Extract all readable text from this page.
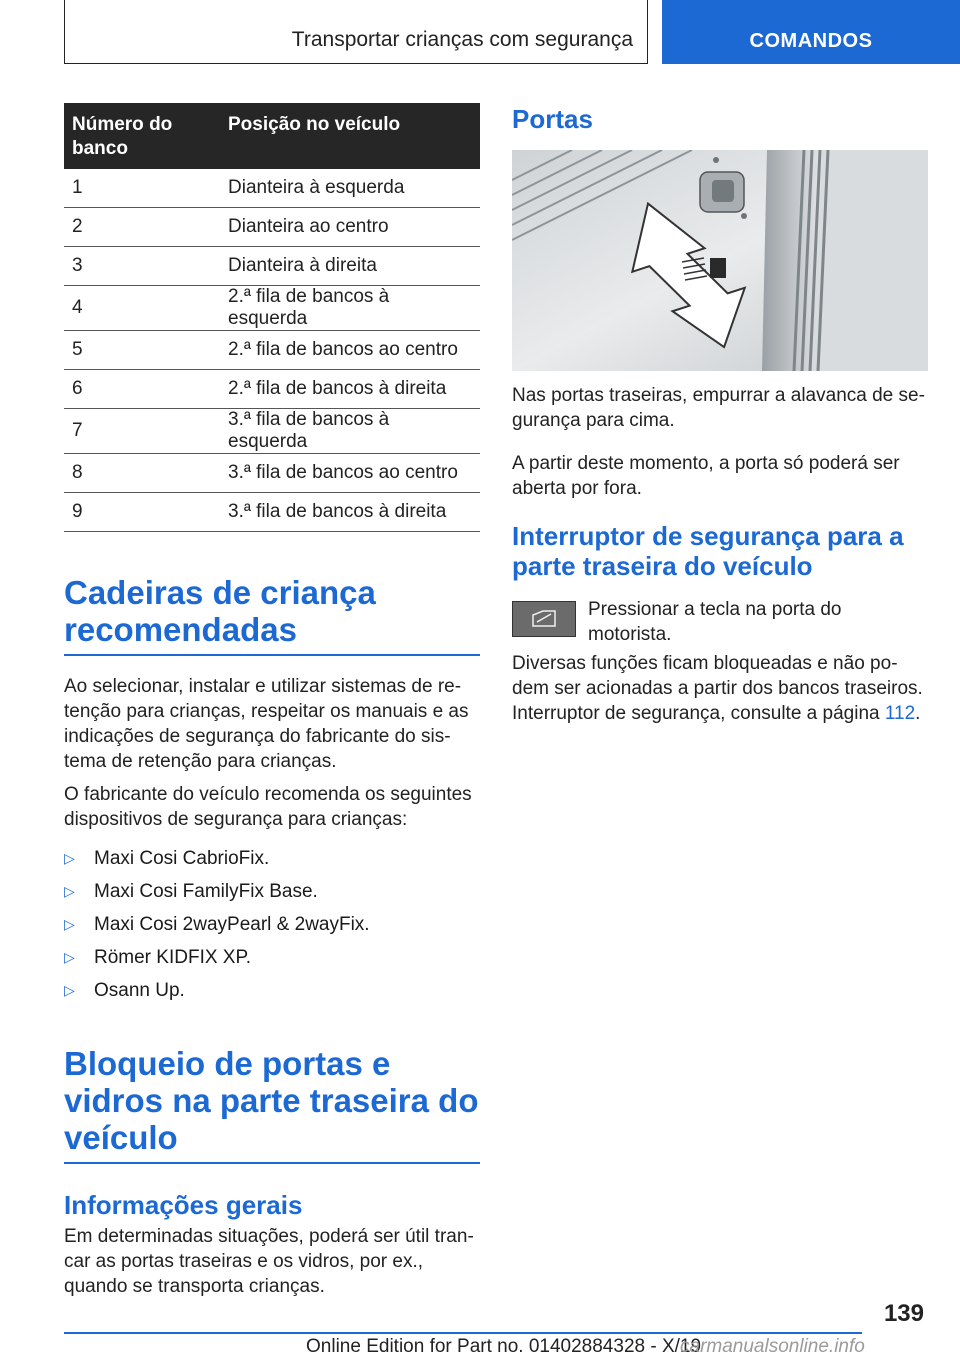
Transportar crianças com segurança	COMANDOS
Número do banco	Posição no veículo
1	Dianteira à esquerda
2	Dianteira ao centro
3	Dianteira à direita
4	2.ª fila de bancos à esquerda
5	2.ª fila de bancos ao centro
6	2.ª fila de bancos à direita
7	3.ª fila de bancos à esquerda
8	3.ª fila de bancos ao centro
9	3.ª fila de bancos à direita
Cadeiras de criança recomendadas

Ao selecionar, instalar e utilizar sistemas de retenção para crianças, respeitar os manuais e as indicações de segurança do fabricante do sistema de retenção para crianças.

O fabricante do veículo recomenda os seguintes dispositivos de segurança para crianças:

▷ Maxi Cosi CabrioFix.
▷ Maxi Cosi FamilyFix Base.
▷ Maxi Cosi 2wayPearl & 2wayFix.
▷ Römer KIDFIX XP.
▷ Osann Up.
Bloqueio de portas e vidros na parte traseira do veículo
Informações gerais

Em determinadas situações, poderá ser útil trancar as portas traseiras e os vidros, por ex., quando se transporta crianças.

Portas

Nas portas traseiras, empurrar a alavanca de segurança para cima.

A partir deste momento, a porta só poderá ser aberta por fora.

Interruptor de segurança para a parte traseira do veículo
Pressionar a tecla na porta do motorista.

Diversas funções ficam bloqueadas e não podem ser acionadas a partir dos bancos traseiros. Interruptor de segurança, consulte a página 112.

139
Online Edition for Part no. 01402884328 - X/19
carmanualsonline.info
